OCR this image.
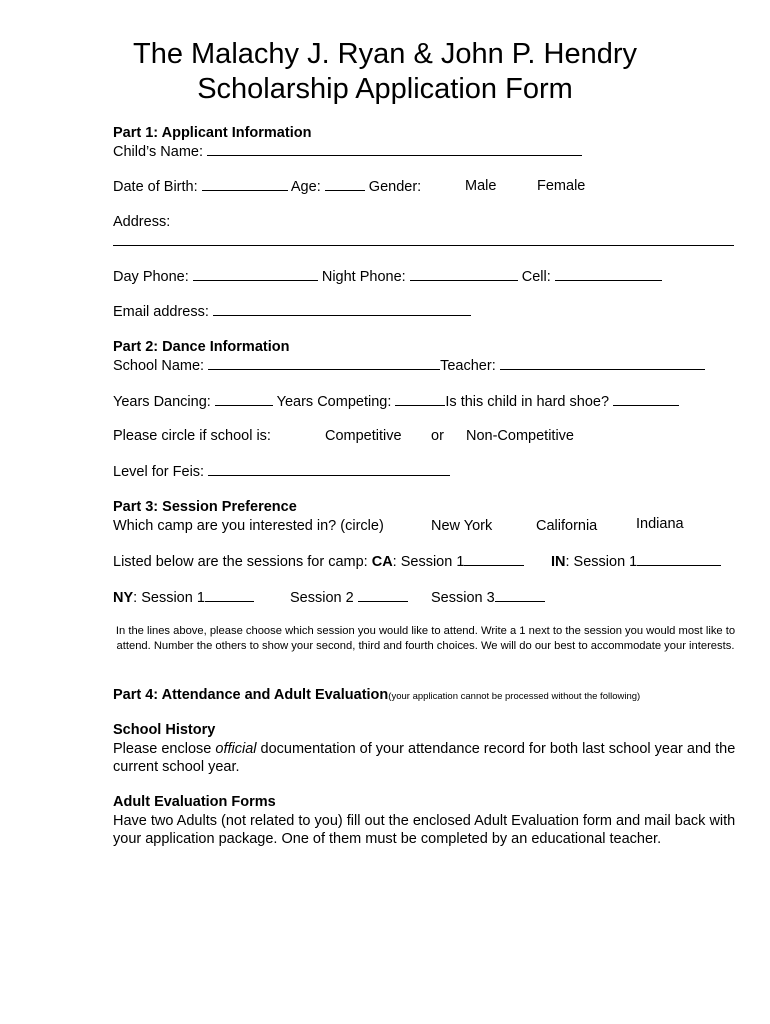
The Malachy J. Ryan & John P. Hendry
Scholarship Application Form
Part 1: Applicant Information
Child’s Name:
Date of Birth:	Age:	Gender:	Male	Female
Address:
Day Phone:	Night Phone:	Cell:
Email address:
Part 2: Dance Information
School Name:	Teacher:
Years Dancing:	Years Competing:	Is this child in hard shoe?
Please circle if school is:	Competitive or Non-Competitive
Level for Feis:
Part 3: Session Preference
Which camp are you interested in? (circle)	New York	California	Indiana
Listed below are the sessions for camp: CA: Session 1	IN: Session 1
NY: Session 1	Session 2	Session 3
In the lines above, please choose which session you would like to attend. Write a 1 next to the session you would most like to attend. Number the others to show your second, third and fourth choices. We will do our best to accommodate your interests.
Part 4: Attendance and Adult Evaluation(your application cannot be processed without the following)
School History
Please enclose official documentation of your attendance record for both last school year and the current school year.
Adult Evaluation Forms
Have two Adults (not related to you) fill out the enclosed Adult Evaluation form and mail back with your application package. One of them must be completed by an educational teacher.
